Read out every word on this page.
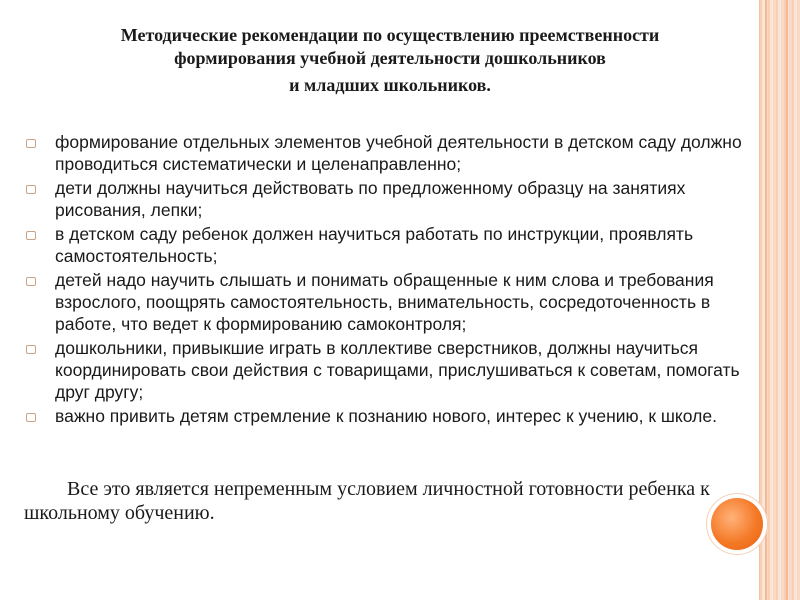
Методические рекомендации по осуществлению преемственности
формирования учебной деятельности дошкольников
и младших школьников.
формирование отдельных элементов учебной деятельности в детском саду должно проводиться систематически и целенаправленно;
дети должны научиться действовать по предложенному образцу на занятиях рисования, лепки;
в детском саду ребенок должен научиться работать по инструкции, проявлять самостоятельность;
детей надо научить слышать и понимать обращенные к ним слова и требования взрослого, поощрять самостоятельность, внимательность, сосредоточенность в работе, что ведет к формированию самоконтроля;
дошкольники, привыкшие играть в коллективе сверстников, должны научиться координировать свои действия с товарищами, прислушиваться к советам, помогать друг другу;
важно привить детям стремление к познанию нового, интерес к учению, к школе.
Все это является непременным условием личностной готовности ребенка к школьному обучению.
